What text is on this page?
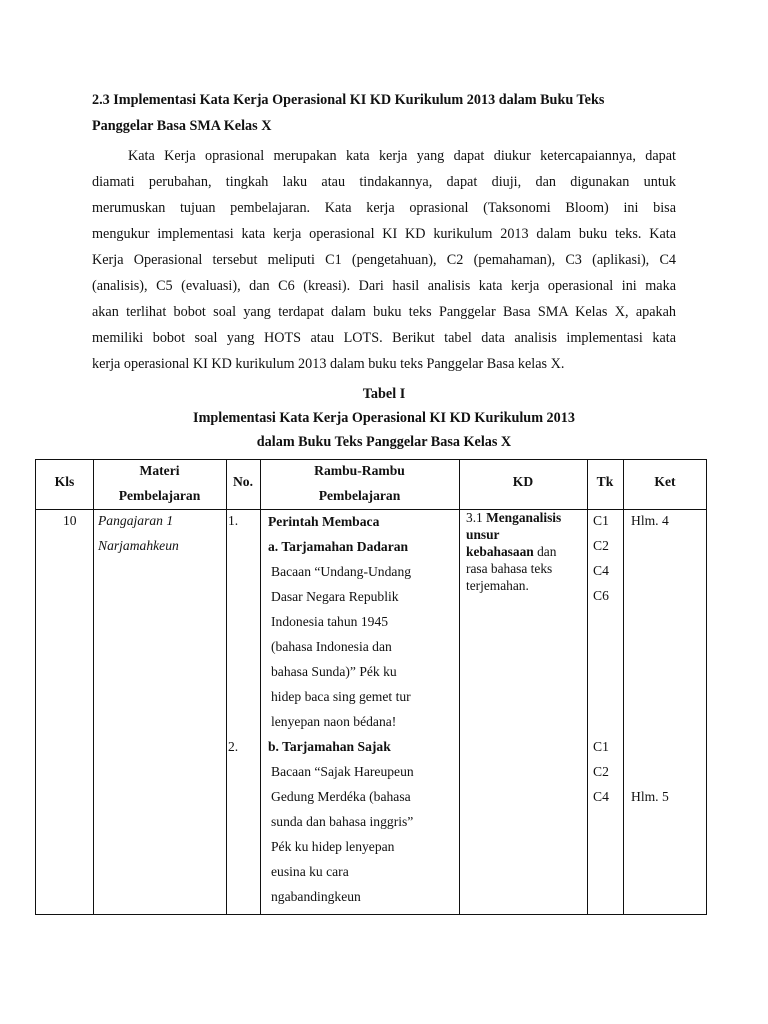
2.3 Implementasi Kata Kerja Operasional KI KD Kurikulum 2013 dalam Buku Teks
Panggelar Basa SMA Kelas X
Kata Kerja oprasional merupakan kata kerja yang dapat diukur ketercapaiannya, dapat
diamati perubahan, tingkah laku atau tindakannya, dapat diuji, dan digunakan untuk
merumuskan tujuan pembelajaran. Kata kerja oprasional (Taksonomi Bloom) ini bisa
mengukur implementasi kata kerja operasional KI KD kurikulum 2013 dalam buku teks. Kata
Kerja Operasional tersebut meliputi C1 (pengetahuan), C2 (pemahaman), C3 (aplikasi), C4
(analisis), C5 (evaluasi), dan C6 (kreasi). Dari hasil analisis kata kerja operasional ini maka
akan terlihat bobot soal yang terdapat dalam buku teks Panggelar Basa SMA Kelas X, apakah
memiliki bobot soal yang HOTS atau LOTS. Berikut tabel data analisis implementasi kata
kerja operasional KI KD kurikulum 2013 dalam buku teks Panggelar Basa kelas X.
Tabel I
Implementasi Kata Kerja Operasional KI KD Kurikulum 2013
dalam Buku Teks Panggelar Basa Kelas X
Kls
Materi
Pembelajaran
No.
Rambu-Rambu
Pembelajaran
KD	Tk	Ket
10 Pangajaran 1
Narjamahkeun
1.
2.
Perintah Membaca
a. Tarjamahan Dadaran
Bacaan “Undang-Undang
Dasar Negara Republik
Indonesia tahun 1945
(bahasa Indonesia dan
bahasa Sunda)” Pék ku
hidep baca sing gemet tur
lenyepan naon bédana!
b. Tarjamahan Sajak
Bacaan “Sajak Hareupeun
Gedung Merdéka (bahasa
sunda dan bahasa inggris”
Pék ku hidep lenyepan
eusina ku cara
ngabandingkeun
3.1 Menganalisis
unsur
kebahasaan dan
rasa bahasa teks
terjemahan.
C1
C2
C4
C6
C1
C2
C4
Hlm. 4
Hlm. 5
